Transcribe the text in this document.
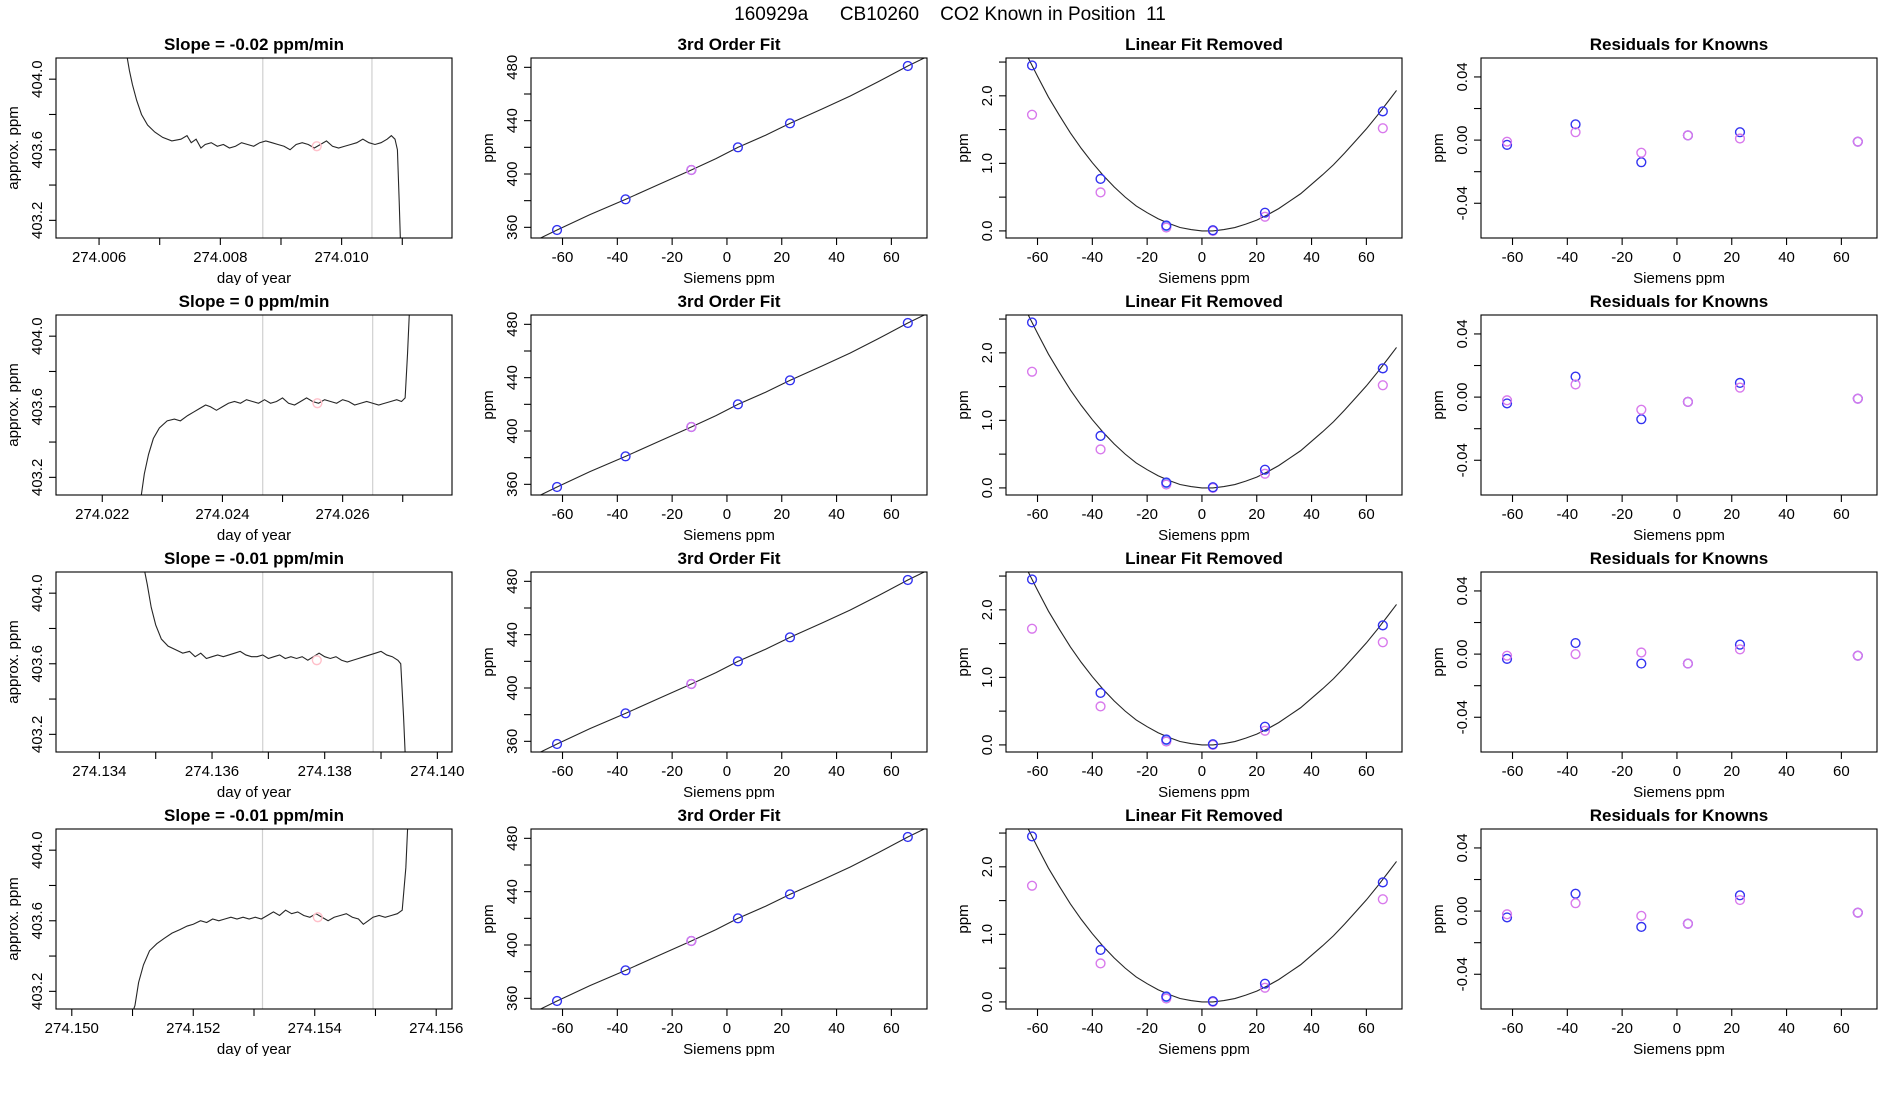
160929a      CB10260    CO2 Known in Position  11
274.006	274.008	274.010
403.2
403.6
404.0
Slope = -0.02 ppm/min
day of year
approx. ppm
-60 -40 -20	0	20	40	60
360
400
440
480
3rd Order Fit
Siemens ppm
ppm
-60 -40 -20	0	20	40	60
0.0
1.0
2.0
Linear Fit Removed
Siemens ppm
ppm
-60 -40 -20	0	20	40	60
-0.04
0.00
0.04
Residuals for Knowns
Siemens ppm
ppm
274.022	274.024	274.026
403.2
403.6
404.0
Slope = 0 ppm/min
day of year
approx. ppm
-60 -40 -20	0	20	40	60
360
400
440
480
3rd Order Fit
Siemens ppm
ppm
-60 -40 -20	0	20	40	60
0.0
1.0
2.0
Linear Fit Removed
Siemens ppm
ppm
-60 -40 -20	0	20	40	60
-0.04
0.00
0.04
Residuals for Knowns
Siemens ppm
ppm
274.134	274.136	274.138	274.140
403.2
403.6
404.0
Slope = -0.01 ppm/min
day of year
approx. ppm
-60 -40 -20	0	20	40	60
360
400
440
480
3rd Order Fit
Siemens ppm
ppm
-60 -40 -20	0	20	40	60
0.0
1.0
2.0
Linear Fit Removed
Siemens ppm
ppm
-60 -40 -20	0	20	40	60
-0.04
0.00
0.04
Residuals for Knowns
Siemens ppm
ppm
274.150	274.152	274.154	274.156
403.2
403.6
404.0
Slope = -0.01 ppm/min
day of year
approx. ppm
-60 -40 -20	0	20	40	60
360
400
440
480
3rd Order Fit
Siemens ppm
ppm
-60 -40 -20	0	20	40	60
0.0
1.0
2.0
Linear Fit Removed
Siemens ppm
ppm
-60 -40 -20	0	20	40	60
-0.04
0.00
0.04
Residuals for Knowns
Siemens ppm
ppm
